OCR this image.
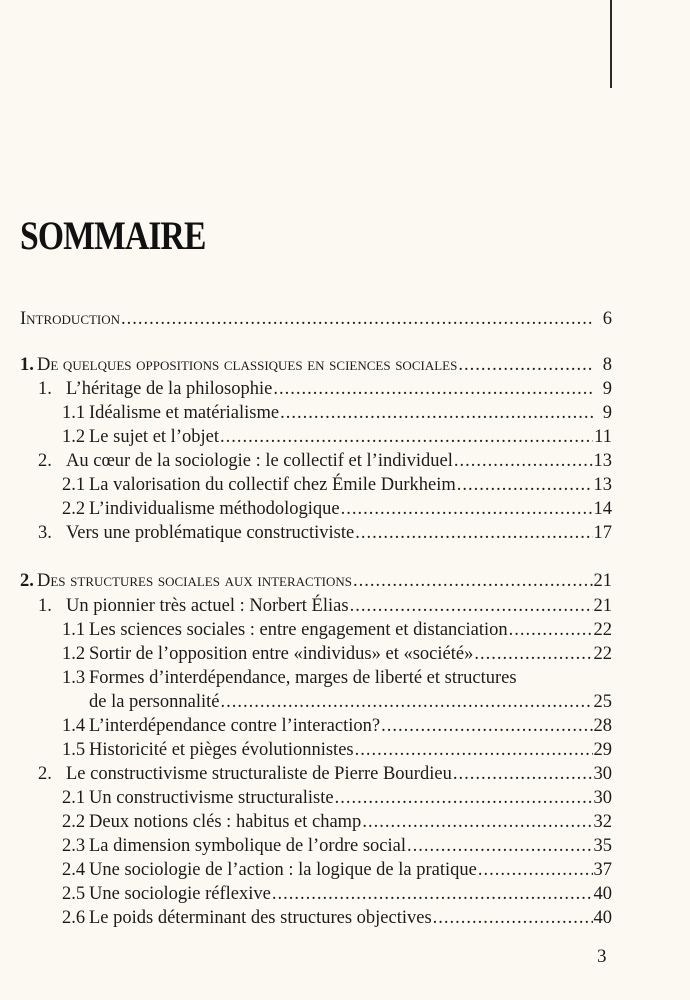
SOMMAIRE
Introduction .....	6
1. De quelques oppositions classiques en sciences sociales .....	8
1. L’héritage de la philosophie .....	9
1.1 Idéalisme et matérialisme .....	9
1.2 Le sujet et l’objet .....	11
2. Au cœur de la sociologie : le collectif et l’individuel .....	13
2.1 La valorisation du collectif chez Émile Durkheim .....	13
2.2 L’individualisme méthodologique .....	14
3. Vers une problématique constructiviste .....	17
2. Des structures sociales aux interactions .....	21
1. Un pionnier très actuel : Norbert Élias .....	21
1.1 Les sciences sociales : entre engagement et distanciation .....	22
1.2 Sortir de l’opposition entre «individus» et «société» .....	22
1.3 Formes d’interdépendance, marges de liberté et structures
de la personnalité .....	25
1.4 L’interdépendance contre l’interaction? .....	28
1.5 Historicité et pièges évolutionnistes .....	29
2. Le constructivisme structuraliste de Pierre Bourdieu .....	30
2.1 Un constructivisme structuraliste .....	30
2.2 Deux notions clés : habitus et champ .....	32
2.3 La dimension symbolique de l’ordre social .....	35
2.4 Une sociologie de l’action : la logique de la pratique .....	37
2.5 Une sociologie réflexive .....	40
2.6 Le poids déterminant des structures objectives .....	40
3
